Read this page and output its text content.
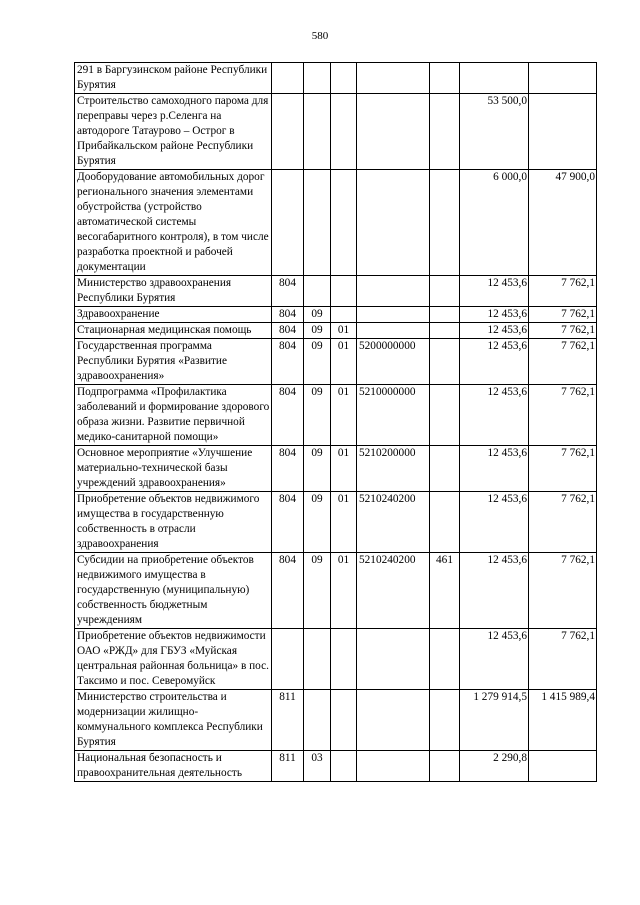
580
291 в Баргузинском районе Республики Бурятия							
Строительство самоходного парома для переправы через р.Селенга на автодороге Татаурово – Острог в Прибайкальском районе Республики Бурятия						53 500,0	
Дооборудование автомобильных дорог регионального значения элементами обустройства (устройство автоматической системы весогабаритного контроля), в том числе разработка проектной и рабочей документации						6 000,0	47 900,0
Министерство здравоохранения Республики Бурятия	804					12 453,6	7 762,1
Здравоохранение	804	09				12 453,6	7 762,1
Стационарная медицинская помощь	804	09	01			12 453,6	7 762,1
Государственная программа Республики Бурятия «Развитие здравоохранения»	804	09	01	5200000000		12 453,6	7 762,1
Подпрограмма «Профилактика заболеваний и формирование здорового образа жизни. Развитие первичной медико-санитарной помощи»	804	09	01	5210000000		12 453,6	7 762,1
Основное мероприятие «Улучшение материально-технической базы учреждений здравоохранения»	804	09	01	5210200000		12 453,6	7 762,1
Приобретение объектов недвижимого имущества в государственную собственность в отрасли здравоохранения	804	09	01	5210240200		12 453,6	7 762,1
Субсидии на приобретение объектов недвижимого имущества в государственную (муниципальную) собственность бюджетным учреждениям	804	09	01	5210240200	461	12 453,6	7 762,1
Приобретение объектов недвижимости ОАО «РЖД» для ГБУЗ «Муйская центральная районная больница» в пос. Таксимо и пос. Северомуйск						12 453,6	7 762,1
Министерство строительства и модернизации жилищно-коммунального комплекса Республики Бурятия	811					1 279 914,5	1 415 989,4
Национальная безопасность и правоохранительная деятельность	811	03				2 290,8	
